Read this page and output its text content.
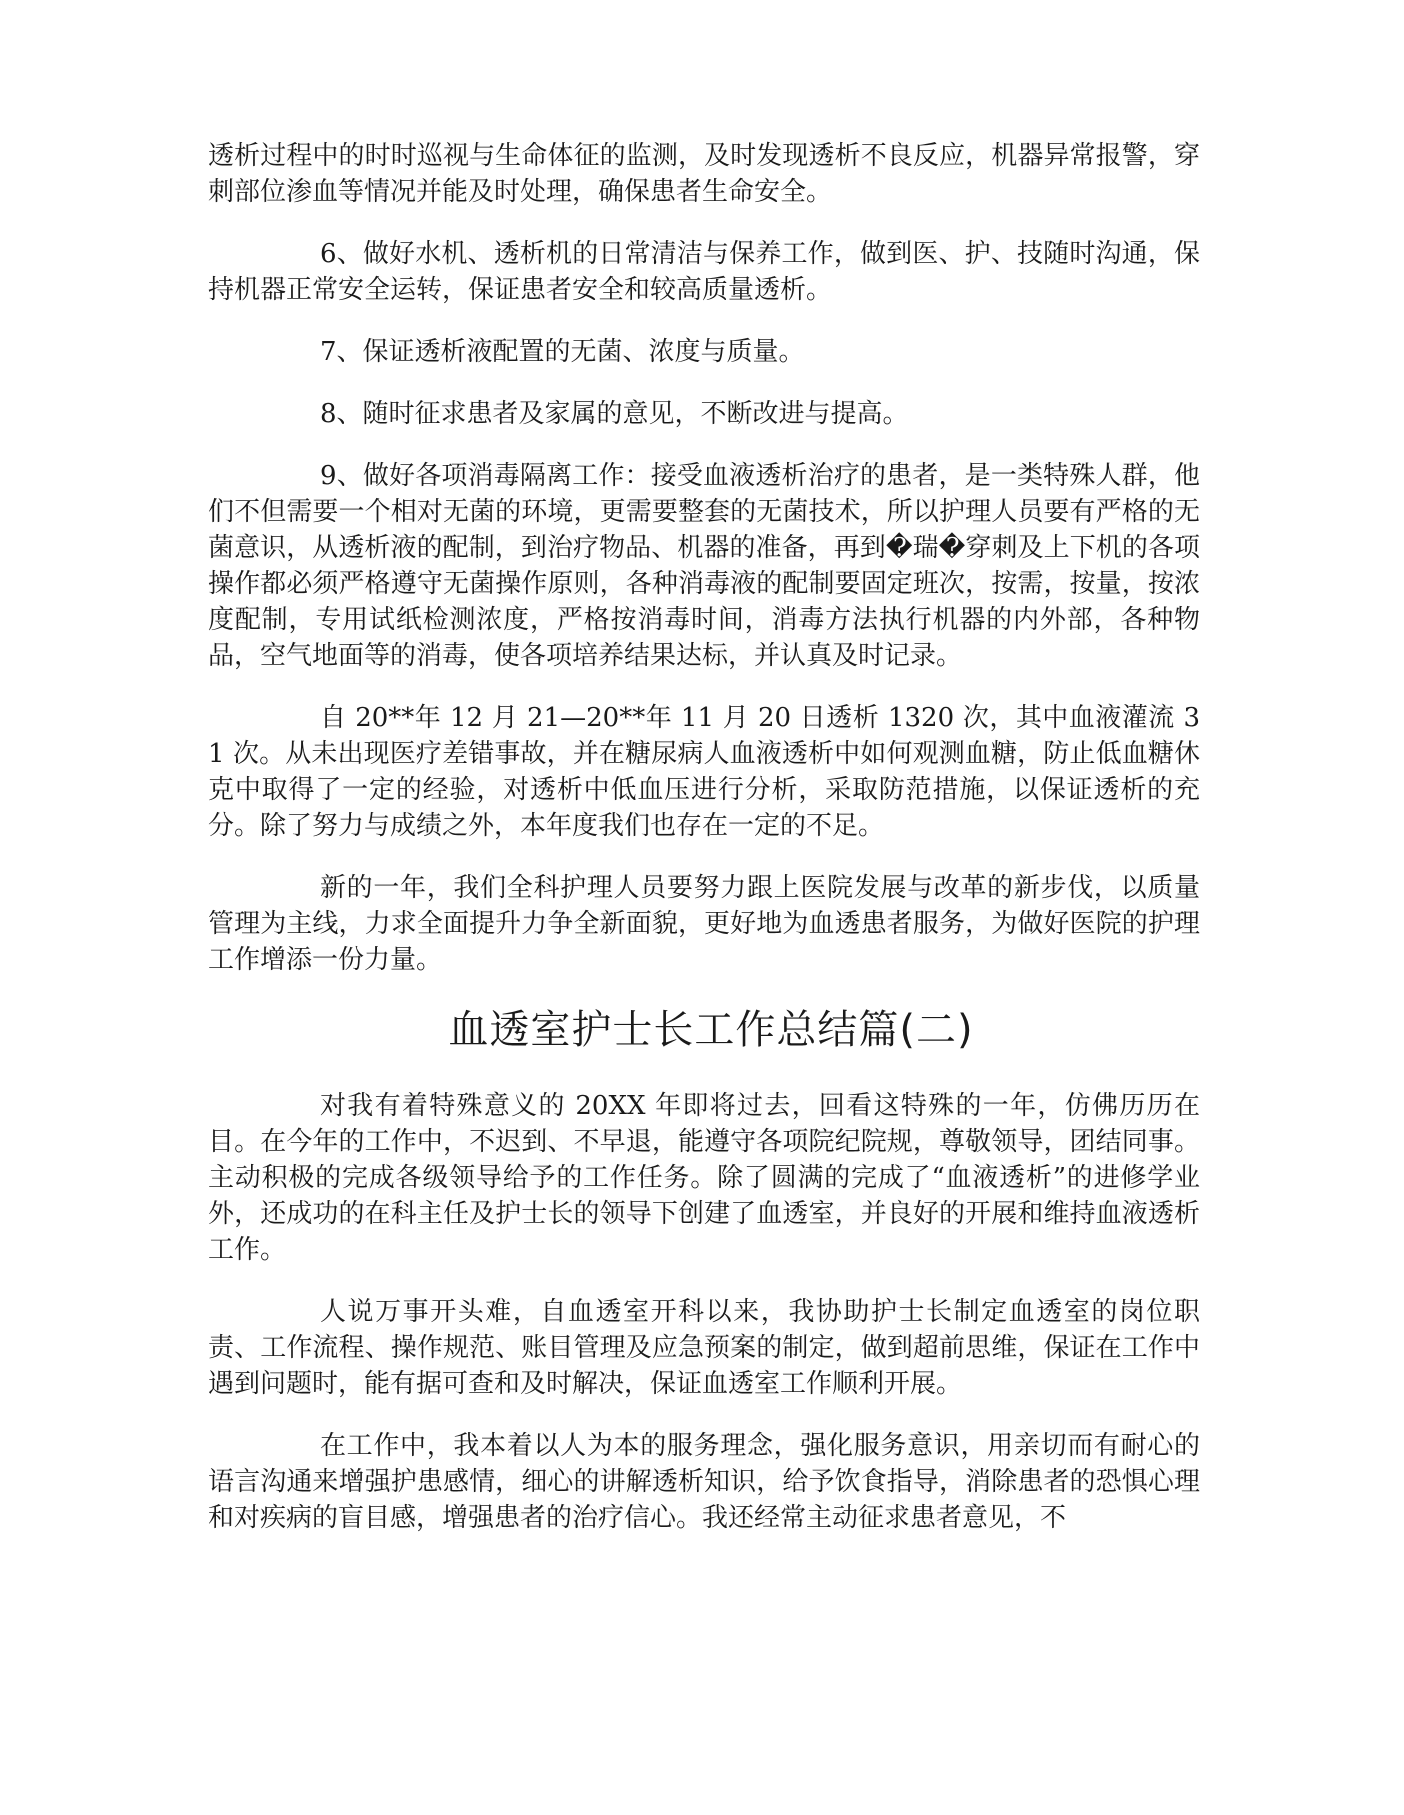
透析过程中的时时巡视与生命体征的监测，及时发现透析不良反应，机器异常报警，穿刺部位渗血等情况并能及时处理，确保患者生命安全。

6、做好水机、透析机的日常清洁与保养工作，做到医、护、技随时沟通，保持机器正常安全运转，保证患者安全和较高质量透析。

7、保证透析液配置的无菌、浓度与质量。

8、随时征求患者及家属的意见，不断改进与提高。

9、做好各项消毒隔离工作：接受血液透析治疗的患者，是一类特殊人群，他们不但需要一个相对无菌的环境，更需要整套的无菌技术，所以护理人员要有严格的无菌意识，从透析液的配制，到治疗物品、机器的准备，再到�瑞�穿刺及上下机的各项操作都必须严格遵守无菌操作原则，各种消毒液的配制要固定班次，按需，按量，按浓度配制，专用试纸检测浓度，严格按消毒时间，消毒方法执行机器的内外部，各种物品，空气地面等的消毒，使各项培养结果达标，并认真及时记录。

自 20**年 12 月 21—20**年 11 月 20 日透析 1320 次，其中血液灌流 31 次。从未出现医疗差错事故，并在糖尿病人血液透析中如何观测血糖，防止低血糖休克中取得了一定的经验，对透析中低血压进行分析，采取防范措施，以保证透析的充分。除了努力与成绩之外，本年度我们也存在一定的不足。

新的一年，我们全科护理人员要努力跟上医院发展与改革的新步伐，以质量管理为主线，力求全面提升力争全新面貌，更好地为血透患者服务，为做好医院的护理工作增添一份力量。

血透室护士长工作总结篇(二)

对我有着特殊意义的 20XX 年即将过去，回看这特殊的一年，仿佛历历在目。在今年的工作中，不迟到、不早退，能遵守各项院纪院规，尊敬领导，团结同事。主动积极的完成各级领导给予的工作任务。除了圆满的完成了“血液透析”的进修学业外，还成功的在科主任及护士长的领导下创建了血透室，并良好的开展和维持血液透析工作。

人说万事开头难，自血透室开科以来，我协助护士长制定血透室的岗位职责、工作流程、操作规范、账目管理及应急预案的制定，做到超前思维，保证在工作中遇到问题时，能有据可查和及时解决，保证血透室工作顺利开展。

在工作中，我本着以人为本的服务理念，强化服务意识，用亲切而有耐心的语言沟通来增强护患感情，细心的讲解透析知识，给予饮食指导，消除患者的恐惧心理和对疾病的盲目感，增强患者的治疗信心。我还经常主动征求患者意见，不
